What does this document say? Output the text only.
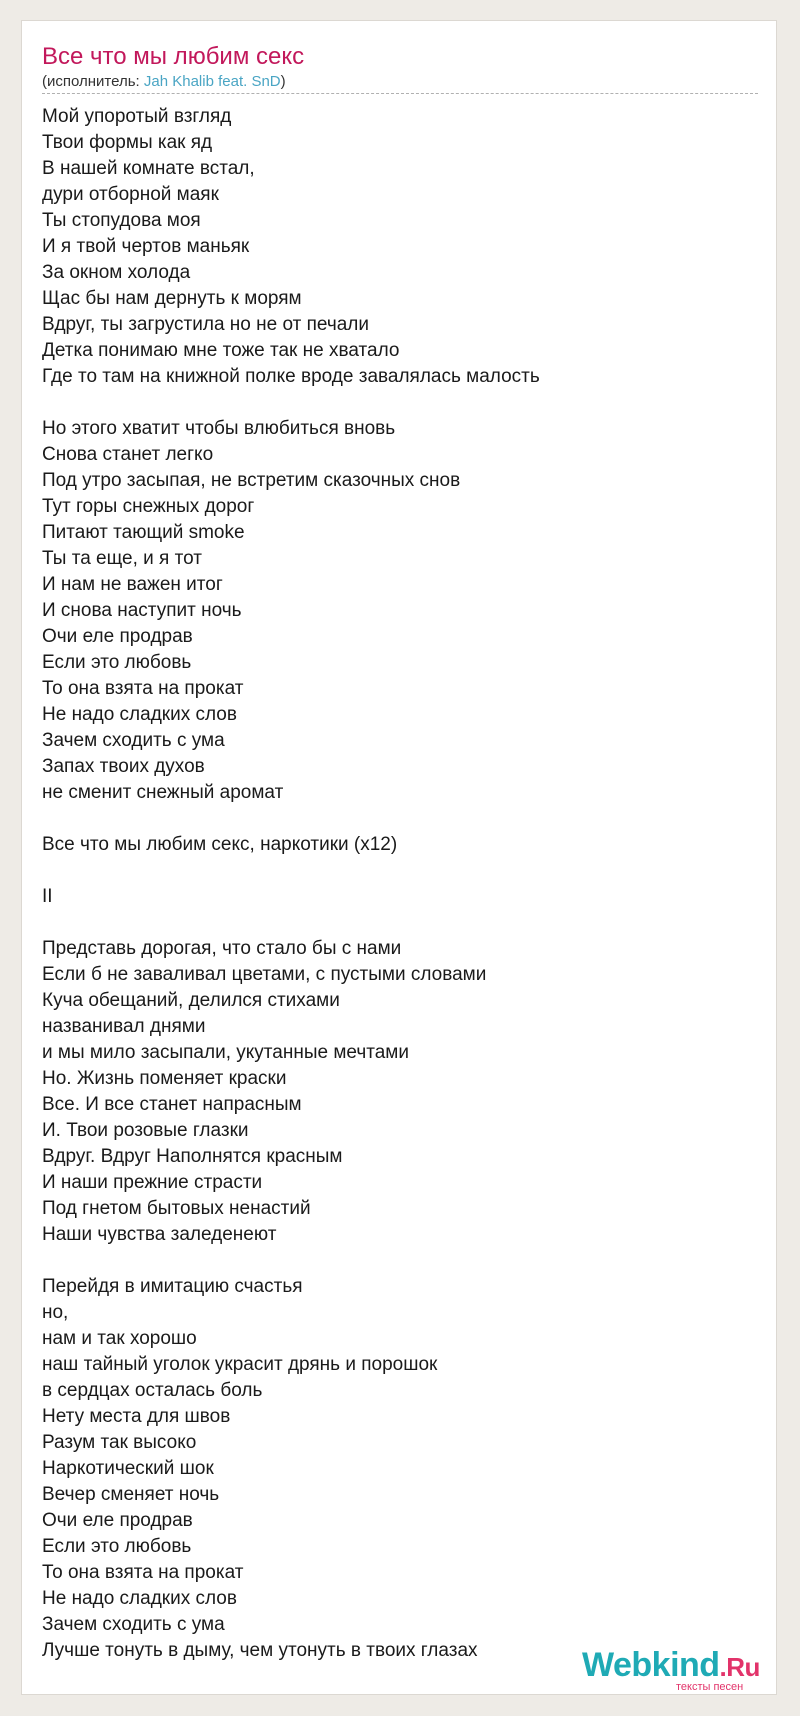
Все что мы любим секс
(исполнитель: Jah Khalib feat. SnD)
Мой упоротый взгляд
Твои формы как яд
В нашей комнате встал,
дури отборной маяк
Ты стопудова моя
И я твой чертов маньяк
За окном холода
Щас бы нам дернуть к морям
Вдруг, ты загрустила но не от печали
Детка понимаю мне тоже так не хватало
Где то там на книжной полке вроде завалялась малость
Но этого хватит чтобы влюбиться вновь
Снова станет легко
Под утро засыпая, не встретим сказочных снов
Тут горы снежных дорог
Питают тающий smoke
Ты та еще, и я тот
И нам не важен итог
И снова наступит ночь
Очи еле продрав
Если это любовь
То она взята на прокат
Не надо сладких слов
Зачем сходить с ума
Запах твоих духов
не сменит снежный аромат
Все что мы любим секс, наркотики (x12)
II
Представь дорогая, что стало бы с нами
Если б не заваливал цветами, с пустыми словами
Куча обещаний, делился стихами
названивал днями
и мы мило засыпали, укутанные мечтами
Но. Жизнь поменяет краски
Все. И все станет напрасным
И. Твои розовые глазки
Вдруг. Вдруг Наполнятся красным
И наши прежние страсти
Под гнетом бытовых ненастий
Наши чувства заледенеют
Перейдя в имитацию счастья
но,
нам и так хорошо
наш тайный уголок украсит дрянь и порошок
в сердцах осталась боль
Нету места для швов
Разум так высоко
Наркотический шок
Вечер сменяет ночь
Очи еле продрав
Если это любовь
То она взята на прокат
Не надо сладких слов
Зачем сходить с ума
Лучше тонуть в дыму, чем утонуть в твоих глазах	Webkind.Ru
тексты песен
